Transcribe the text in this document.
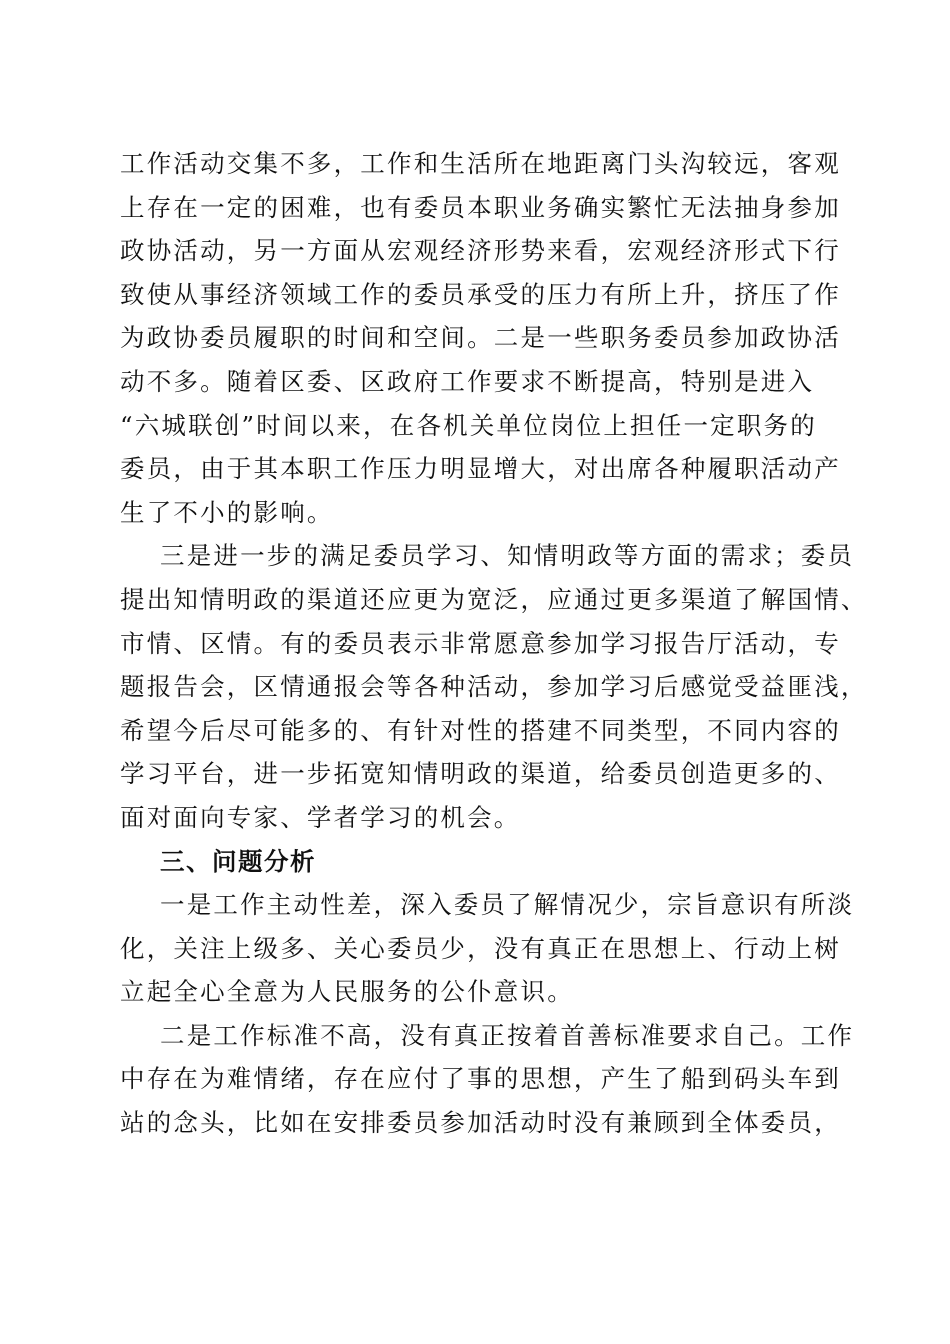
工作活动交集不多，工作和生活所在地距离门头沟较远，客观
上存在一定的困难，也有委员本职业务确实繁忙无法抽身参加
政协活动，另一方面从宏观经济形势来看，宏观经济形式下行
致使从事经济领域工作的委员承受的压力有所上升，挤压了作
为政协委员履职的时间和空间。二是一些职务委员参加政协活
动不多。随着区委、区政府工作要求不断提高，特别是进入
“六城联创”时间以来，在各机关单位岗位上担任一定职务的
委员，由于其本职工作压力明显增大，对出席各种履职活动产
生了不小的影响。
三是进一步的满足委员学习、知情明政等方面的需求；委员
提出知情明政的渠道还应更为宽泛，应通过更多渠道了解国情、
市情、区情。有的委员表示非常愿意参加学习报告厅活动，专
题报告会，区情通报会等各种活动，参加学习后感觉受益匪浅，
希望今后尽可能多的、有针对性的搭建不同类型，不同内容的
学习平台，进一步拓宽知情明政的渠道，给委员创造更多的、
面对面向专家、学者学习的机会。
三、问题分析
一是工作主动性差，深入委员了解情况少，宗旨意识有所淡
化，关注上级多、关心委员少，没有真正在思想上、行动上树
立起全心全意为人民服务的公仆意识。
二是工作标准不高，没有真正按着首善标准要求自己。工作
中存在为难情绪，存在应付了事的思想，产生了船到码头车到
站的念头，比如在安排委员参加活动时没有兼顾到全体委员，
